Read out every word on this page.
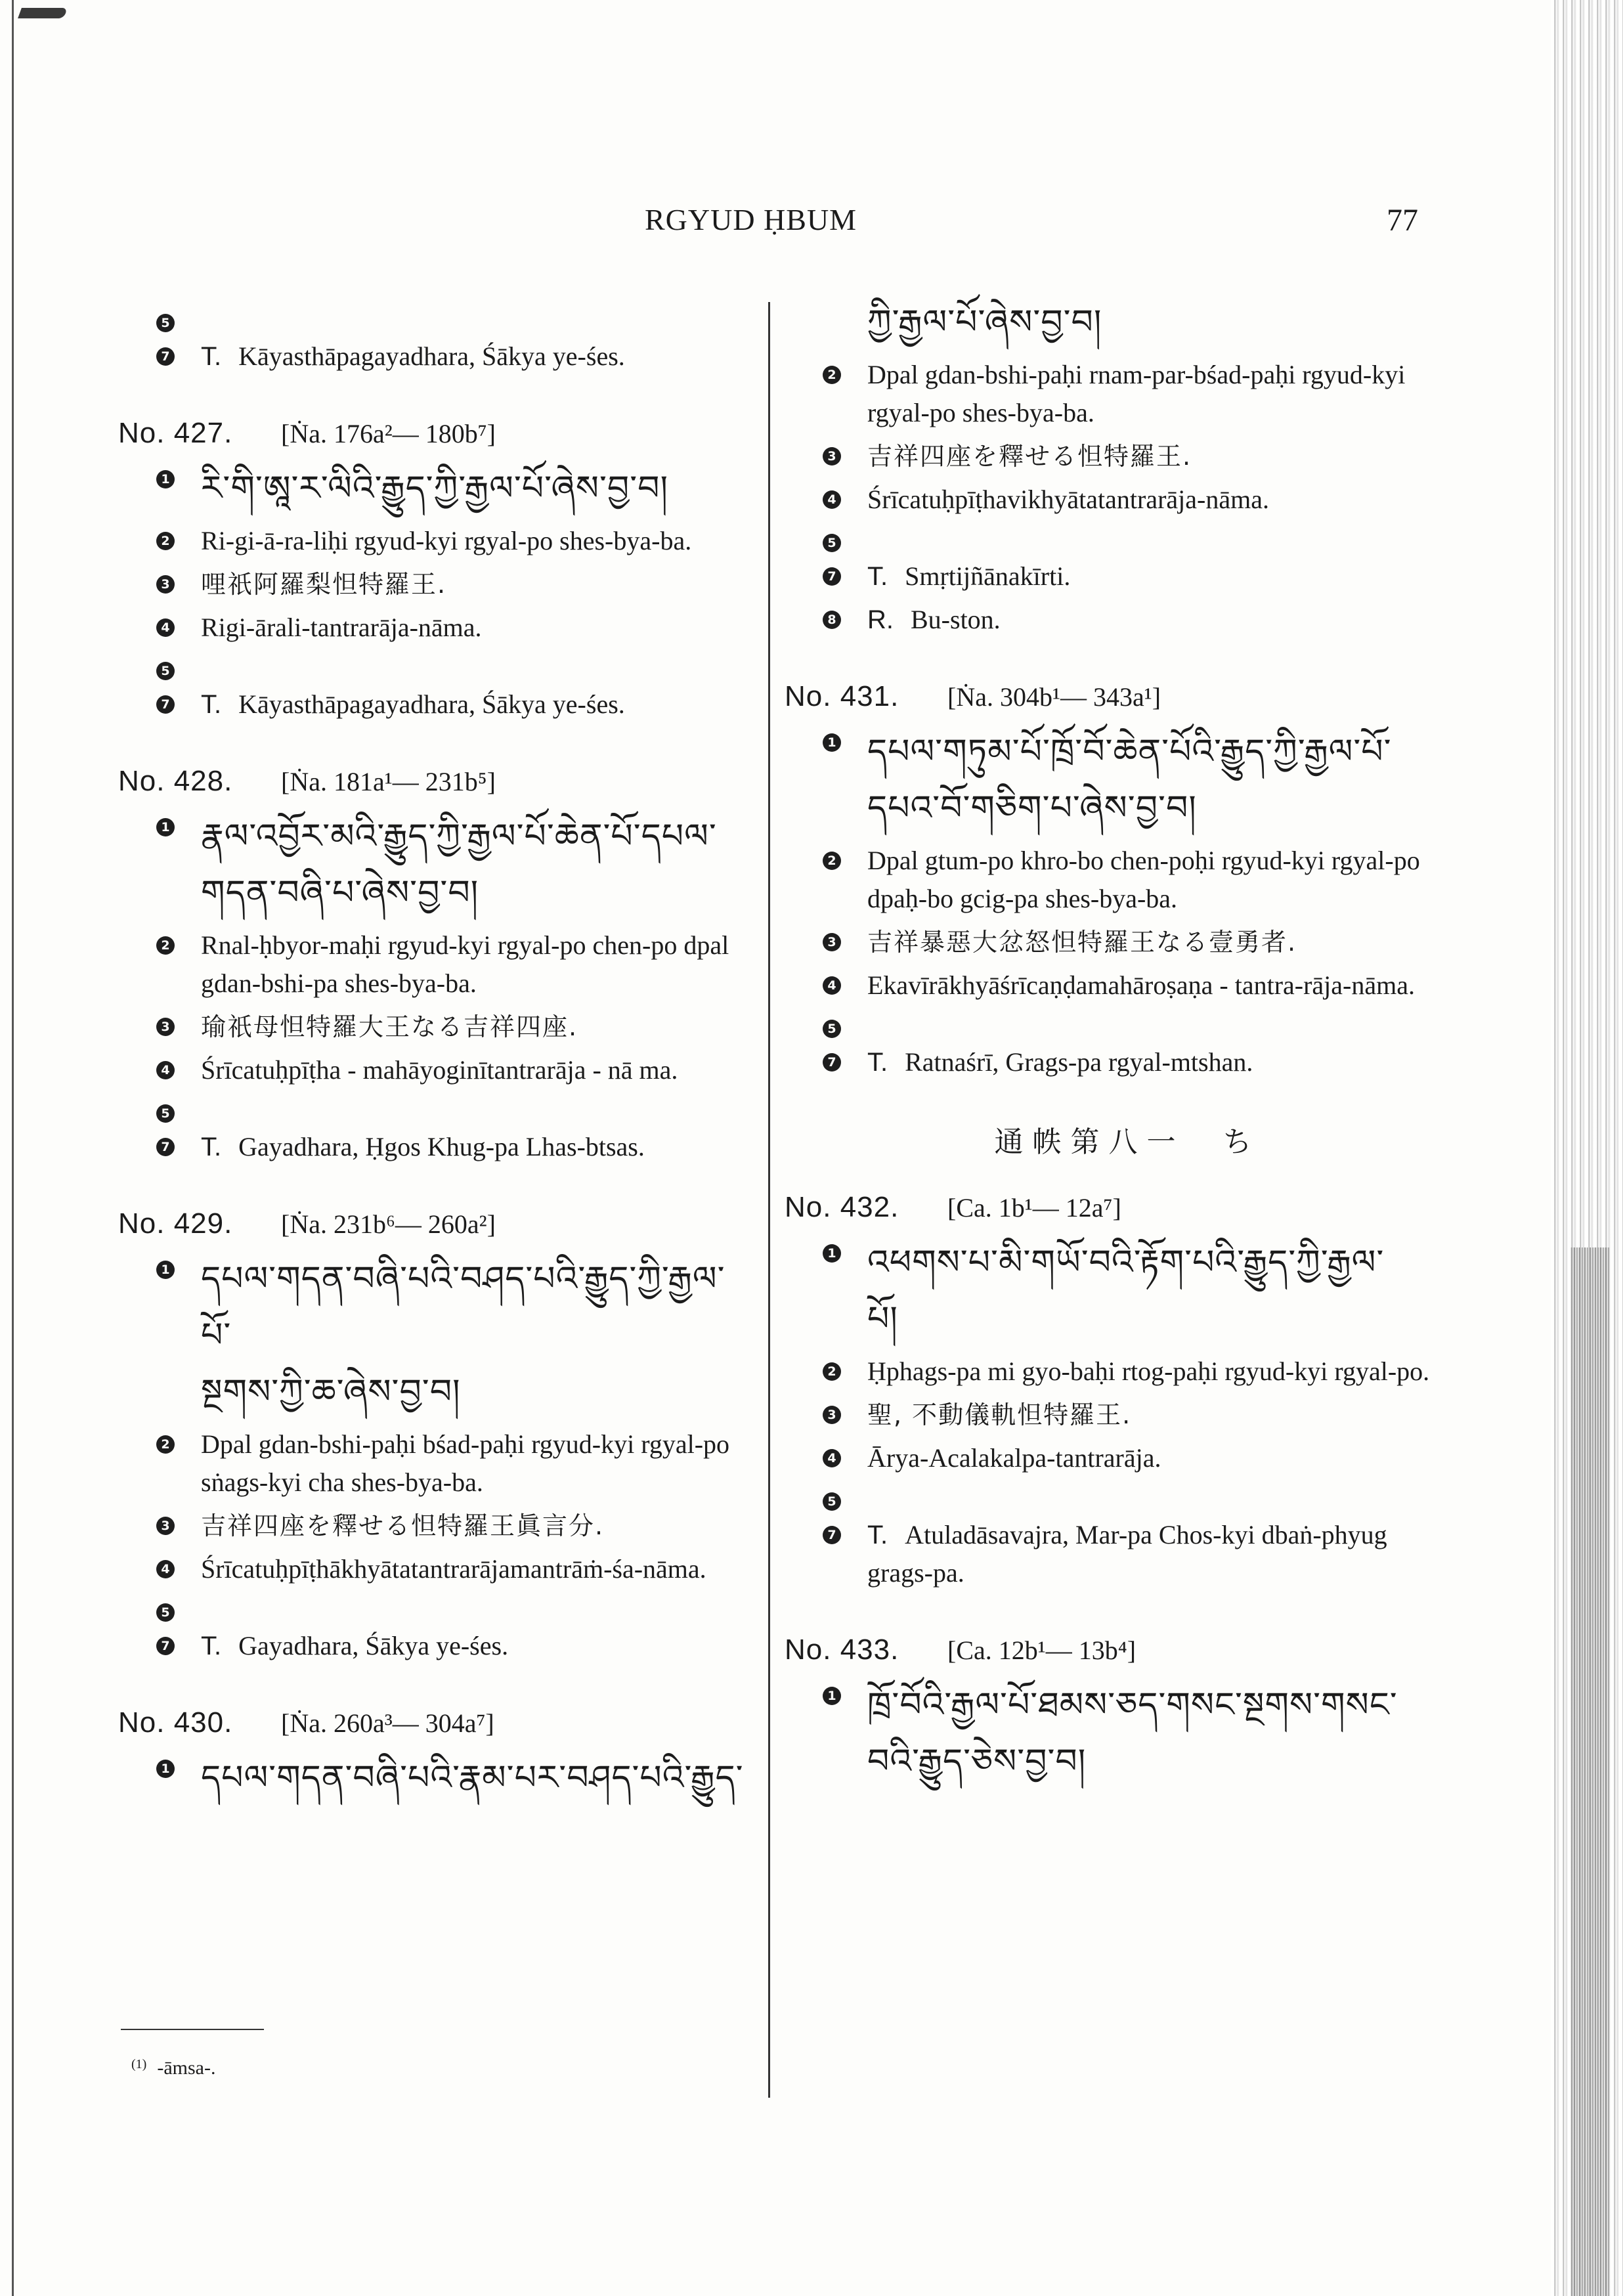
RGYUD ḤBUM	77
5
7 T. Kāyasthāpagayadhara, Śākya ye-śes.
No. 427.	[Ṅa. 176a²— 180b⁷]
1 རི་གི་ཨཱ་ར་ལིའི་རྒྱུད་ཀྱི་རྒྱལ་པོ་ཞེས་བྱ་བ།
2 Ri-gi-ā-ra-liḥi rgyud-kyi rgyal-po shes-bya-ba.
3 哩祇阿羅梨怛特羅王.
4 Rigi-ārali-tantrarāja-nāma.
5
7 T. Kāyasthāpagayadhara, Śākya ye-śes.
No. 428.	[Ṅa. 181a¹— 231b⁵]
1 རྣལ་འབྱོར་མའི་རྒྱུད་ཀྱི་རྒྱལ་པོ་ཆེན་པོ་དཔལ་
གདན་བཞི་པ་ཞེས་བྱ་བ།
2 Rnal-ḥbyor-maḥi rgyud-kyi rgyal-po chen-po dpal gdan-bshi-pa shes-bya-ba.
3 瑜祇母怛特羅大王なる吉祥四座.
4 Śrīcatuḥpīṭha - mahāyoginītantrarāja - nā ma.
5
7 T. Gayadhara, Ḥgos Khug-pa Lhas-btsas.
No. 429.	[Ṅa. 231b⁶— 260a²]
1 དཔལ་གདན་བཞི་པའི་བཤད་པའི་རྒྱུད་ཀྱི་རྒྱལ་པོ་
སྔགས་ཀྱི་ཆ་ཞེས་བྱ་བ།
2 Dpal gdan-bshi-paḥi bśad-paḥi rgyud-kyi rgyal-po sṅags-kyi cha shes-bya-ba.
3 吉祥四座を釋せる怛特羅王眞言分.
4 Śrīcatuḥpīṭhākhyātatantrarājamantrāṁ-śa-nāma.
5
7 T. Gayadhara, Śākya ye-śes.
No. 430.	[Ṅa. 260a³— 304a⁷]
1 དཔལ་གདན་བཞི་པའི་རྣམ་པར་བཤད་པའི་རྒྱུད་
$^{(1)}$ -āmsa-.
ཀྱི་རྒྱལ་པོ་ཞེས་བྱ་བ།
2 Dpal gdan-bshi-paḥi rnam-par-bśad-paḥi rgyud-kyi rgyal-po shes-bya-ba.
3 吉祥四座を釋せる怛特羅王.
4 Śrīcatuḥpīṭhavikhyātatantrarāja-nāma.
5
7 T. Smṛtijñānakīrti.
8 R. Bu-ston.
No. 431.	[Ṅa. 304b¹— 343a¹]
1 དཔལ་གཏུམ་པོ་ཁྲོ་བོ་ཆེན་པོའི་རྒྱུད་ཀྱི་རྒྱལ་པོ་
དཔའ་བོ་གཅིག་པ་ཞེས་བྱ་བ།
2 Dpal gtum-po khro-bo chen-poḥi rgyud-kyi rgyal-po dpaḥ-bo gcig-pa shes-bya-ba.
3 吉祥暴惡大忿怒怛特羅王なる壹勇者.
4 Ekavīrākhyāśrīcaṇḍamahāroṣaṇa - tantra-rāja-nāma.
5
7 T. Ratnaśrī, Grags-pa rgyal-mtshan.
通帙第八一　ち
No. 432.	[Ca. 1b¹— 12a⁷]
1 འཕགས་པ་མི་གཡོ་བའི་རྟོག་པའི་རྒྱུད་ཀྱི་རྒྱལ་
པོ།
2 Ḥphags-pa mi gyo-baḥi rtog-paḥi rgyud-kyi rgyal-po.
3 聖, 不動儀軌怛特羅王.
4 Ārya-Acalakalpa-tantrarāja.
5
7 T. Atuladāsavajra, Mar-pa Chos-kyi dbaṅ-phyug grags-pa.
No. 433.	[Ca. 12b¹— 13b⁴]
1 ཁྲོ་བོའི་རྒྱལ་པོ་ཐམས་ཅད་གསང་སྔགས་གསང་
བའི་རྒྱུད་ཅེས་བྱ་བ།
